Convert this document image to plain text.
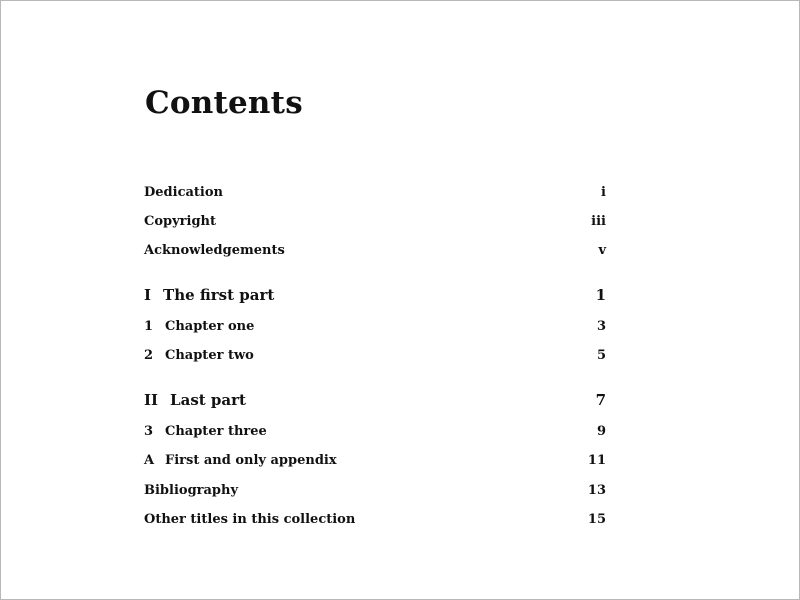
Contents
Dedication	i
Copyright	iii
Acknowledgements	v
I The first part	1
1 Chapter one	3
2 Chapter two	5
II Last part	7
3 Chapter three	9
A First and only appendix	11
Bibliography	13
Other titles in this collection	15
